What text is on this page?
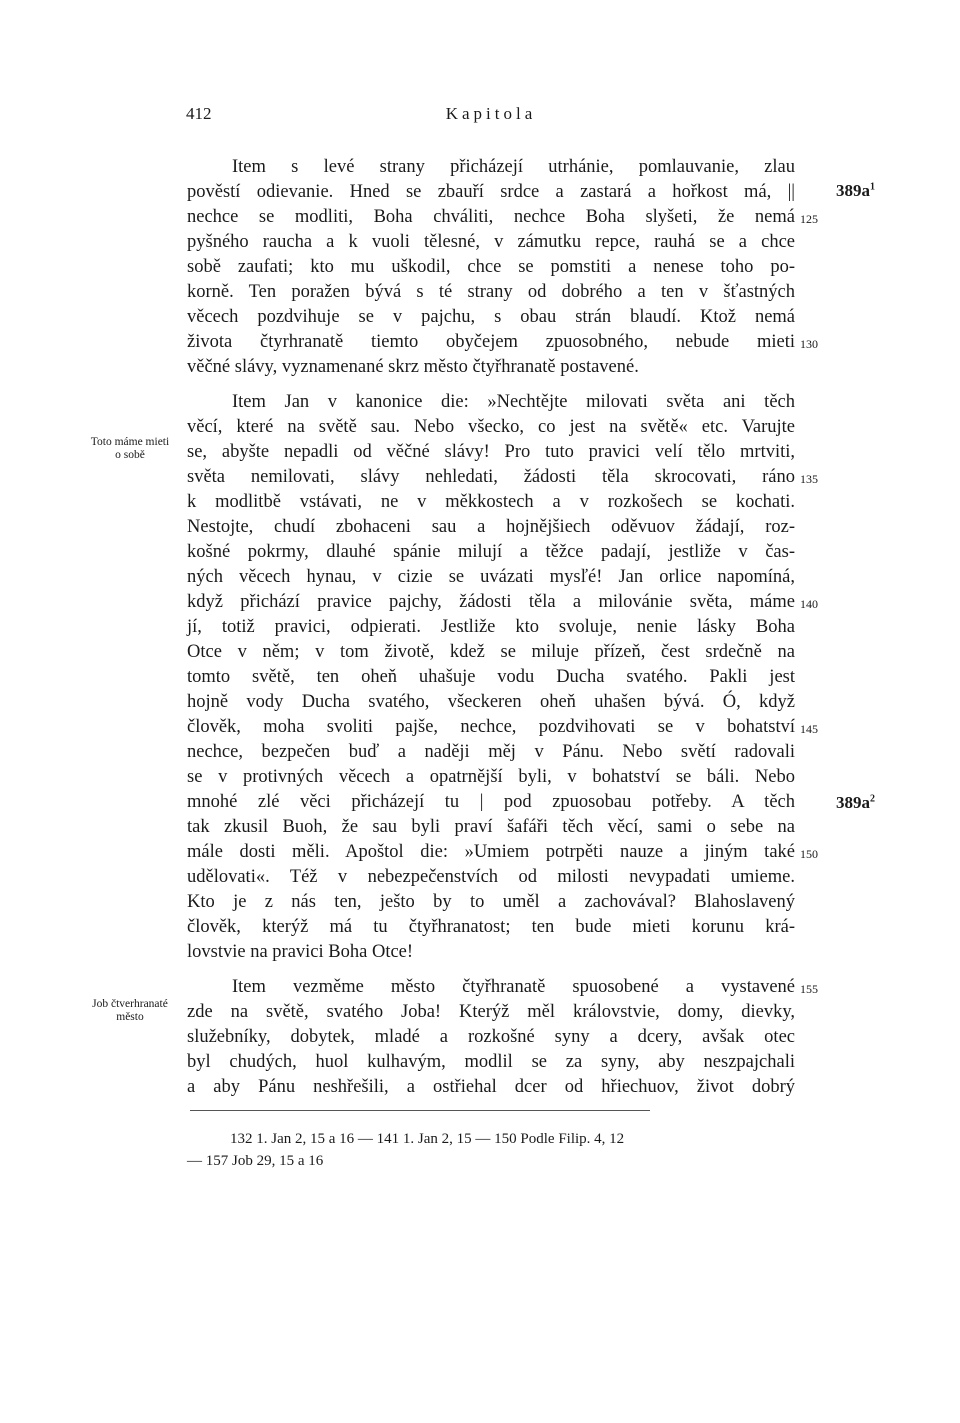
412	Kapitola
Item s levé strany přicházejí utrhánie, pomlauvanie, zlau
pověstí odievanie. Hned se zbauří srdce a zastará a hořkost má, ||
nechce se modliti, Boha chváliti, nechce Boha slyšeti, že nemá
pyšného raucha a k vuoli tělesné, v zámutku repce, rauhá se a chce
sobě zaufati; kto mu uškodil, chce se pomstiti a nenese toho po-
korně. Ten poražen bývá s té strany od dobrého a ten v šťastných
věcech pozdvihuje se v pajchu, s obau strán blaudí. Ktož nemá
života čtyrhranatě tiemto obyčejem zpuosobného, nebude mieti
věčné slávy, vyznamenané skrz město čtyřhranatě postavené.
Item Jan v kanonice die: »Nechtějte milovati světa ani těch
věcí, které na světě sau. Nebo všecko, co jest na světě« etc. Varujte
se, abyšte nepadli od věčné slávy! Pro tuto pravici velí tělo mrtviti,
světa nemilovati, slávy nehledati, žádosti těla skrocovati, ráno
k modlitbě vstávati, ne v měkkostech a v rozkošech se kochati.
Nestojte, chudí zbohaceni sau a hojnějšiech oděvuov žádají, roz-
košné pokrmy, dlauhé spánie milují a těžce padají, jestliže v čas-
ných věcech hynau, v cizie se uvázati mysľé! Jan orlice napomíná,
když přichází pravice pajchy, žádosti těla a milovánie světa, máme
jí, totiž pravici, odpierati. Jestliže kto svoluje, nenie lásky Boha
Otce v něm; v tom životě, kdež se miluje přízeň, čest srdečně na
tomto světě, ten oheň uhašuje vodu Ducha svatého. Pakli jest
hojně vody Ducha svatého, všeckeren oheň uhašen bývá. Ó, když
člověk, moha svoliti pajše, nechce, pozdvihovati se v bohatství
nechce, bezpečen buď a naději měj v Pánu. Nebo světí radovali
se v protivných věcech a opatrnější byli, v bohatství se báli. Nebo
mnohé zlé věci přicházejí tu | pod zpuosobau potřeby. A těch
tak zkusil Buoh, že sau byli praví šafáři těch věcí, sami o sebe na
mále dosti měli. Apoštol die: »Umiem potrpěti nauze a jiným také
udělovati«. Též v nebezpečenstvích od milosti nevypadati umieme.
Kto je z nás ten, ješto by to uměl a zachovával? Blahoslavený
člověk, kterýž má tu čtyřhranatost; ten bude mieti korunu krá-
lovstvie na pravici Boha Otce!
Item vezměme město čtyřhranatě spuosobené a vystavené
zde na světě, svatého Joba! Kterýž měl královstvie, domy, dievky,
služebníky, dobytek, mladé a rozkošné syny a dcery, avšak otec
byl chudých, huol kulhavým, modlil se za syny, aby neszpajchali
a aby Pánu neshřešili, a ostřiehal dcer od hřiechuov, život dobrý
125
130
135
140
145
150
155
$389a^1$
$389a^2$
Toto máme mieti
o sobě
Job čtverhranaté
město
132 1. Jan 2, 15 a 16 — 141 1. Jan 2, 15 — 150 Podle Filip. 4, 12
— 157 Job 29, 15 a 16
